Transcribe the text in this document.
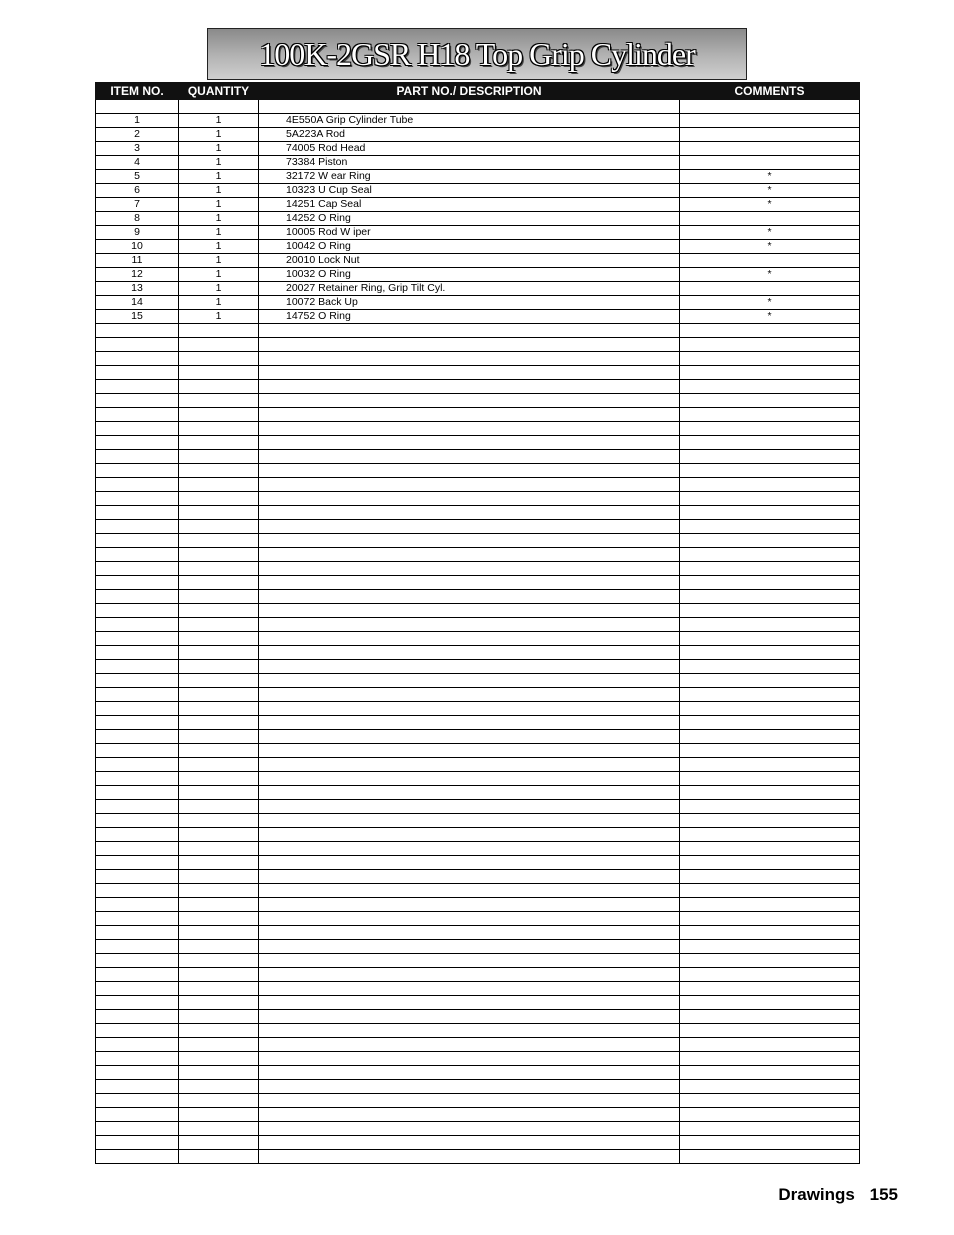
100K-2GSR H18 Top Grip Cylinder
ITEM NO.	QUANTITY	PART NO./ DESCRIPTION	COMMENTS

1	1	4E550A Grip Cylinder Tube	
2	1	5A223A Rod	
3	1	74005 Rod Head	
4	1	73384 Piston	
5	1	32172 W ear Ring	*
6	1	10323 U Cup Seal	*
7	1	14251 Cap Seal	*
8	1	14252 O Ring	
9	1	10005 Rod W iper	*
10	1	10042 O Ring	*
11	1	20010 Lock Nut	
12	1	10032 O Ring	*
13	1	20027 Retainer Ring, Grip Tilt Cyl.	
14	1	10072 Back Up	*
15	1	14752 O Ring	*

Drawings 155
